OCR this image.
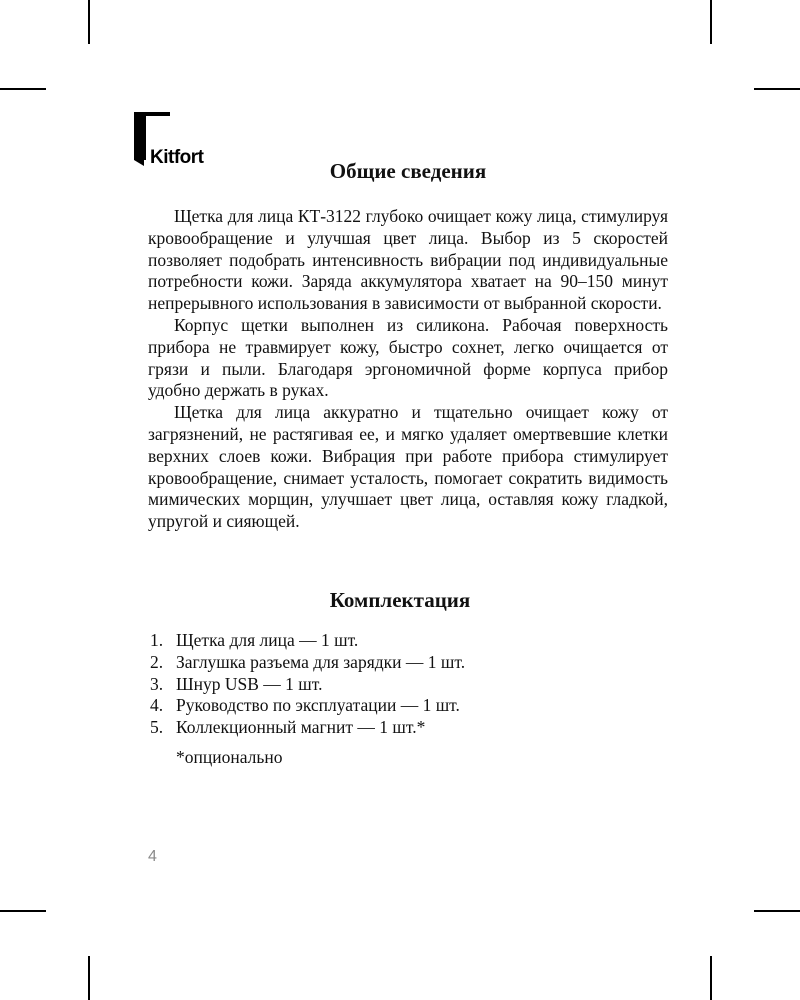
Kitfort
Общие сведения

Щетка для лица КТ-3122 глубоко очищает кожу лица, стимулируя кровообращение и улучшая цвет лица. Выбор из 5 скоростей позволяет подобрать интенсивность вибрации под индивидуальные потребности кожи. Заряда аккумулятора хватает на 90–150 минут непрерывного использования в зависимости от выбранной скорости.

Корпус щетки выполнен из силикона. Рабочая поверхность прибора не травмирует кожу, быстро сохнет, легко очищается от грязи и пыли. Благодаря эргономичной форме корпуса прибор удобно держать в руках.

Щетка для лица аккуратно и тщательно очищает кожу от загрязнений, не растягивая ее, и мягко удаляет омертвевшие клетки верхних слоев кожи. Вибрация при работе прибора стимулирует кровообращение, снимает усталость, помогает сократить видимость мимических морщин, улучшает цвет лица, оставляя кожу гладкой, упругой и сияющей.

Комплектация
1. Щетка для лица — 1 шт.
2. Заглушка разъема для зарядки — 1 шт.
3. Шнур USB — 1 шт.
4. Руководство по эксплуатации — 1 шт.
5. Коллекционный магнит — 1 шт.*
*опционально
4
